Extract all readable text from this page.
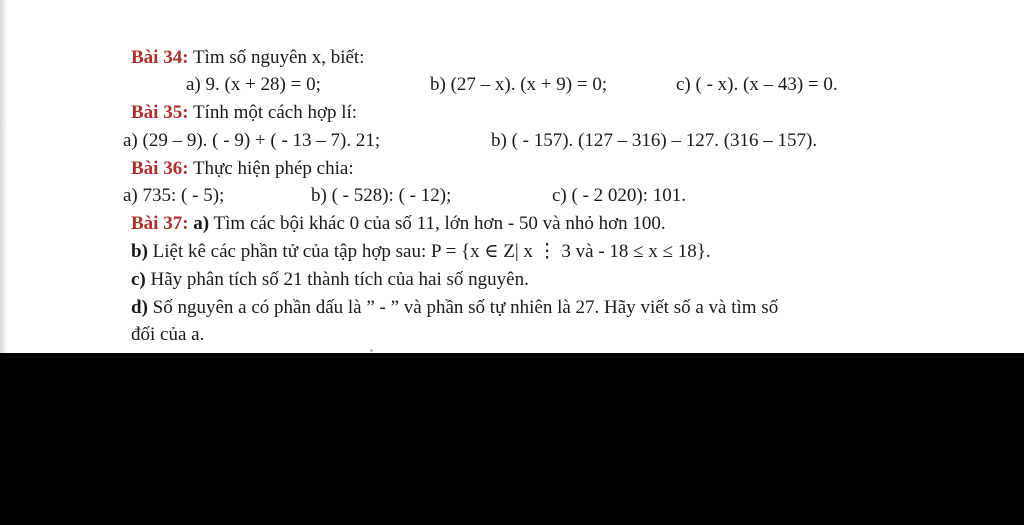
Bài 34: Tìm số nguyên x, biết:
a) 9. (x + 28) = 0;	b) (27 – x). (x + 9) = 0;	c) ( - x). (x – 43) = 0.
Bài 35: Tính một cách hợp lí:
a) (29 – 9). ( - 9) + ( - 13 – 7). 21;	b) ( - 157). (127 – 316) – 127. (316 – 157).
Bài 36: Thực hiện phép chia:
a) 735: ( - 5);	b) ( - 528): ( - 12);	c) ( - 2 020): 101.
Bài 37: a) Tìm các bội khác 0 của số 11, lớn hơn - 50 và nhỏ hơn 100.
b) Liệt kê các phần tử của tập hợp sau: P = {x ∈ Z| x ⋮ 3 và - 18 ≤ x ≤ 18}.
c) Hãy phân tích số 21 thành tích của hai số nguyên.
d) Số nguyên a có phần dấu là ” - ” và phần số tự nhiên là 27. Hãy viết số a và tìm số
đối của a.
